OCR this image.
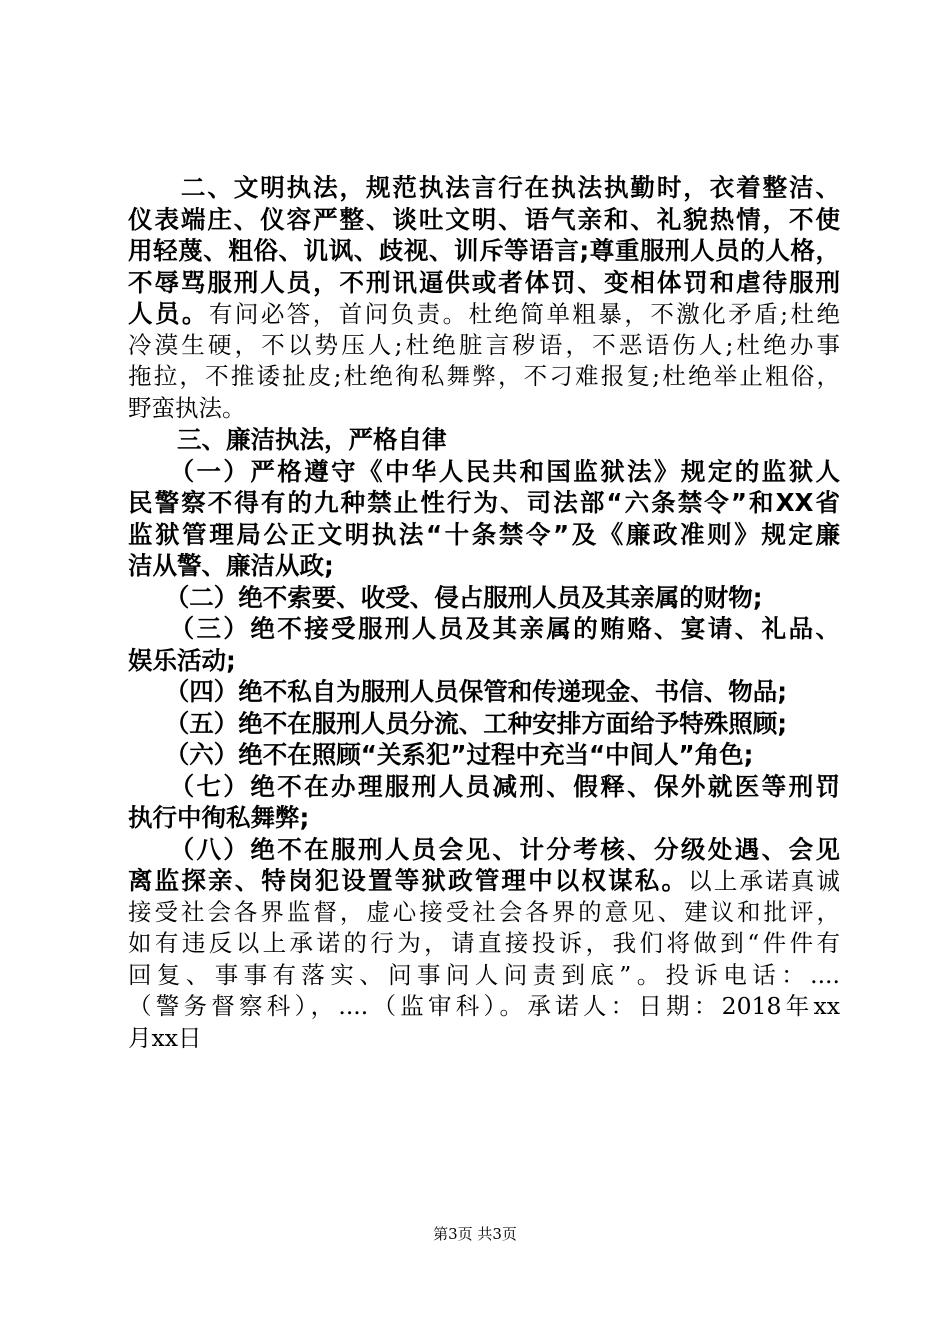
　　二、文明执法，规范执法言行在执法执勤时，衣着整洁、
仪表端庄、仪容严整、谈吐文明、语气亲和、礼貌热情，不使
用轻蔑、粗俗、讥讽、歧视、训斥等语言;尊重服刑人员的人格，
不辱骂服刑人员，不刑讯逼供或者体罚、变相体罚和虐待服刑
人员。有问必答，首问负责。杜绝简单粗暴，不激化矛盾;杜绝
冷漠生硬，不以势压人;杜绝脏言秽语，不恶语伤人;杜绝办事
拖拉，不推诿扯皮;杜绝徇私舞弊，不刁难报复;杜绝举止粗俗，
野蛮执法。
　　三、廉洁执法，严格自律
　　（一）严格遵守《中华人民共和国监狱法》规定的监狱人
民警察不得有的九种禁止性行为、司法部“六条禁令”和XX省
监狱管理局公正文明执法“十条禁令”及《廉政准则》规定廉
洁从警、廉洁从政;
　　（二）绝不索要、收受、侵占服刑人员及其亲属的财物;
　　（三）绝不接受服刑人员及其亲属的贿赂、宴请、礼品、
娱乐活动;
　　（四）绝不私自为服刑人员保管和传递现金、书信、物品;
　　（五）绝不在服刑人员分流、工种安排方面给予特殊照顾;
　　（六）绝不在照顾“关系犯”过程中充当“中间人”角色;
　　（七）绝不在办理服刑人员减刑、假释、保外就医等刑罚
执行中徇私舞弊;
　　（八）绝不在服刑人员会见、计分考核、分级处遇、会见
离监探亲、特岗犯设置等狱政管理中以权谋私。以上承诺真诚
接受社会各界监督，虚心接受社会各界的意见、建议和批评，
如有违反以上承诺的行为，请直接投诉，我们将做到“件件有
回复、事事有落实、问事问人问责到底”。投诉电话：....
（警务督察科），....（监审科）。承诺人：日期：2018年xx
月xx日
第3页 共3页
